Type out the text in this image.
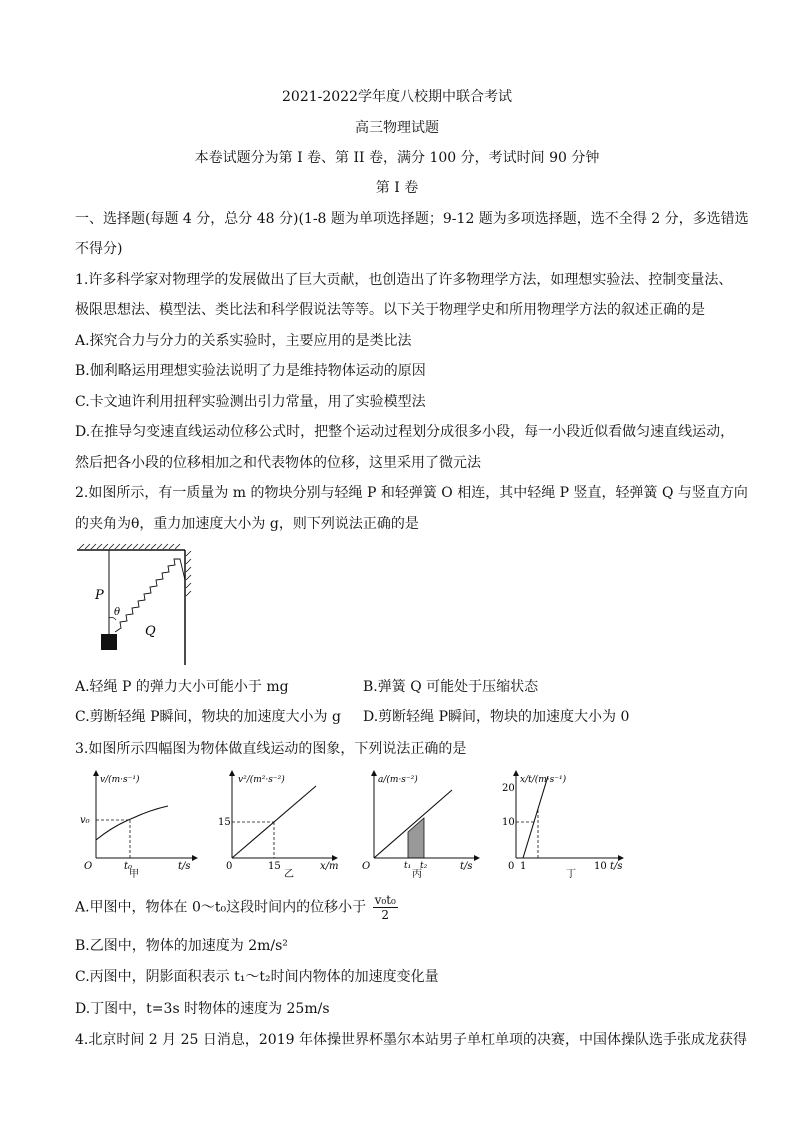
2021-2022学年度八校期中联合考试
高三物理试题
本卷试题分为第 I 卷、第 II 卷，满分 100 分，考试时间 90 分钟
第 I 卷
一、选择题(每题 4 分，总分 48 分)(1-8 题为单项选择题；9-12 题为多项选择题，选不全得 2 分，多选错选
不得分)
1.许多科学家对物理学的发展做出了巨大贡献，也创造出了许多物理学方法，如理想实验法、控制变量法、
极限思想法、模型法、类比法和科学假说法等等。以下关于物理学史和所用物理学方法的叙述正确的是
A.探究合力与分力的关系实验时，主要应用的是类比法
B.伽利略运用理想实验法说明了力是维持物体运动的原因
C.卡文迪许利用扭秤实验测出引力常量，用了实验模型法
D.在推导匀变速直线运动位移公式时，把整个运动过程划分成很多小段，每一小段近似看做匀速直线运动，
然后把各小段的位移相加之和代表物体的位移，这里采用了微元法
2.如图所示，有一质量为 m 的物块分别与轻绳 P 和轻弹簧 O 相连，其中轻绳 P 竖直，轻弹簧 Q 与竖直方向
的夹角为θ，重力加速度大小为 g，则下列说法正确的是
P
θ
Q
A.轻绳 P 的弹力大小可能小于 mg	B.弹簧 Q 可能处于压缩状态
C.剪断轻绳 P瞬间，物块的加速度大小为 g	D.剪断轻绳 P瞬间，物块的加速度大小为 0
3.如图所示四幅图为物体做直线运动的图象，下列说法正确的是
v/(m·s⁻¹)
v₀
t₀	t/s
O
甲
v²/(m²·s⁻²)
15
15	x/m
0
乙
a/(m·s⁻²)
t₁ t₂	t/s
O
丙
x/t/(m·s⁻¹)
20
10
1	10 t/s
0
丁
A.甲图中，物体在 0～t₀这段时间内的位移小于 $\frac{\text{v₀t₀}}{2}$
B.乙图中，物体的加速度为 2m/s²
C.丙图中，阴影面积表示 t₁～t₂时间内物体的加速度变化量
D.丁图中，t=3s 时物体的速度为 25m/s
4.北京时间 2 月 25 日消息，2019 年体操世界杯墨尔本站男子单杠单项的决赛，中国体操队选手张成龙获得
